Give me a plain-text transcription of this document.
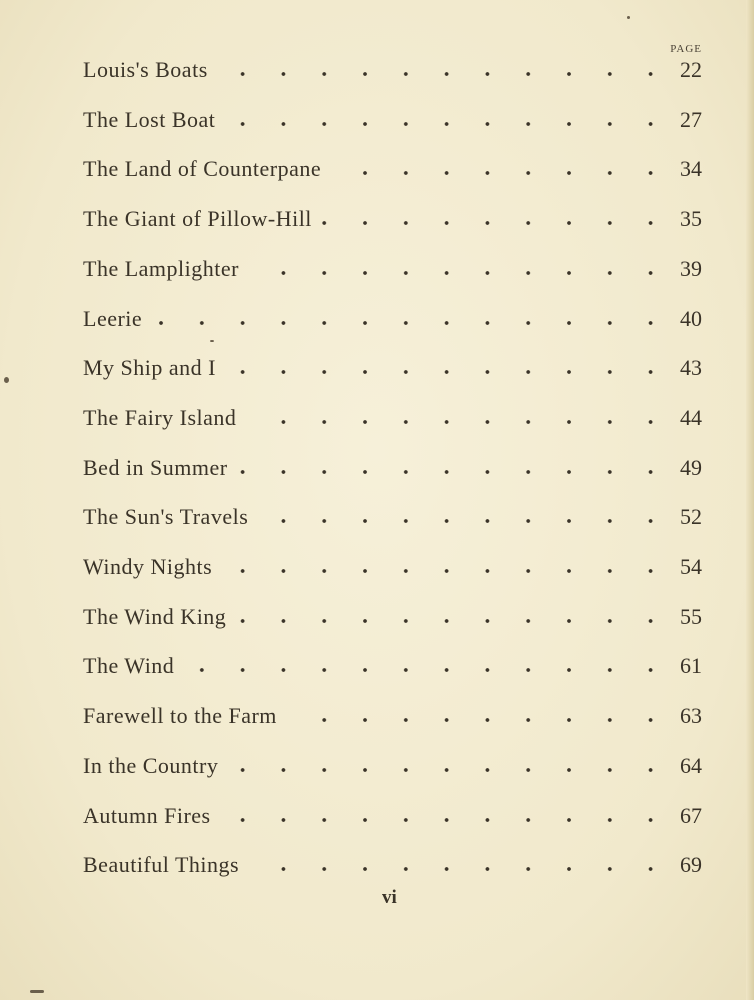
PAGE
Louis's Boats	22
The Lost Boat	27
The Land of Counterpane	34
The Giant of Pillow-Hill	35
The Lamplighter	39
Leerie	40
My Ship and I	43
The Fairy Island	44
Bed in Summer	49
The Sun's Travels	52
Windy Nights	54
The Wind King	55
The Wind	61
Farewell to the Farm	63
In the Country	64
Autumn Fires	67
Beautiful Things	69
vi
